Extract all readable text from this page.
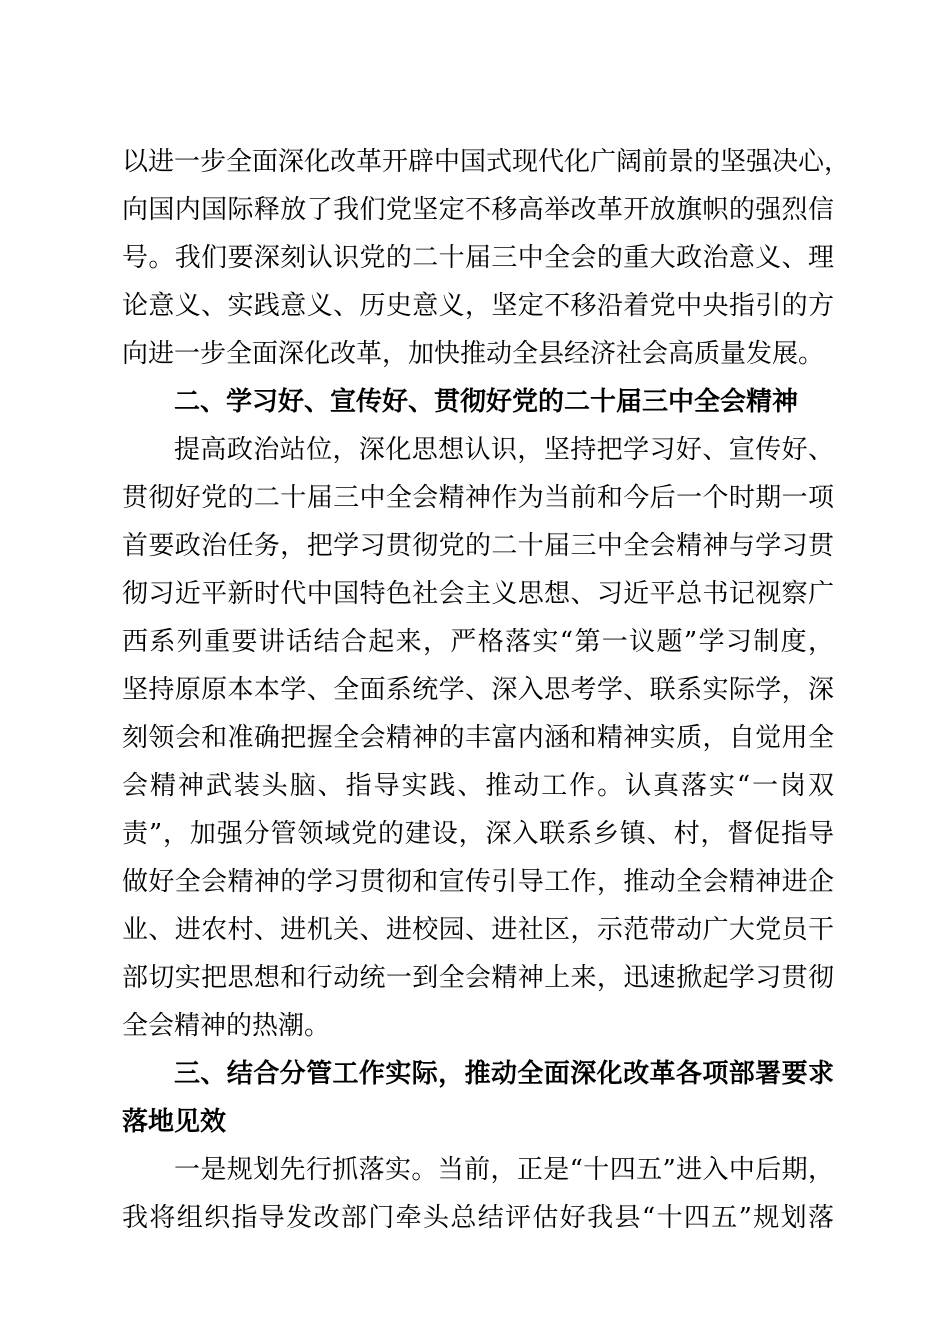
以进一步全面深化改革开辟中国式现代化广阔前景的坚强决心，
向国内国际释放了我们党坚定不移高举改革开放旗帜的强烈信
号。我们要深刻认识党的二十届三中全会的重大政治意义、理
论意义、实践意义、历史意义，坚定不移沿着党中央指引的方
向进一步全面深化改革，加快推动全县经济社会高质量发展。
二、学习好、宣传好、贯彻好党的二十届三中全会精神
提高政治站位，深化思想认识，坚持把学习好、宣传好、
贯彻好党的二十届三中全会精神作为当前和今后一个时期一项
首要政治任务，把学习贯彻党的二十届三中全会精神与学习贯
彻习近平新时代中国特色社会主义思想、习近平总书记视察广
西系列重要讲话结合起来，严格落实“第一议题”学习制度，
坚持原原本本学、全面系统学、深入思考学、联系实际学，深
刻领会和准确把握全会精神的丰富内涵和精神实质，自觉用全
会精神武装头脑、指导实践、推动工作。认真落实“一岗双
责”，加强分管领域党的建设，深入联系乡镇、村，督促指导
做好全会精神的学习贯彻和宣传引导工作，推动全会精神进企
业、进农村、进机关、进校园、进社区，示范带动广大党员干
部切实把思想和行动统一到全会精神上来，迅速掀起学习贯彻
全会精神的热潮。
三、结合分管工作实际，推动全面深化改革各项部署要求
落地见效
一是规划先行抓落实。当前，正是“十四五”进入中后期，
我将组织指导发改部门牵头总结评估好我县“十四五”规划落
